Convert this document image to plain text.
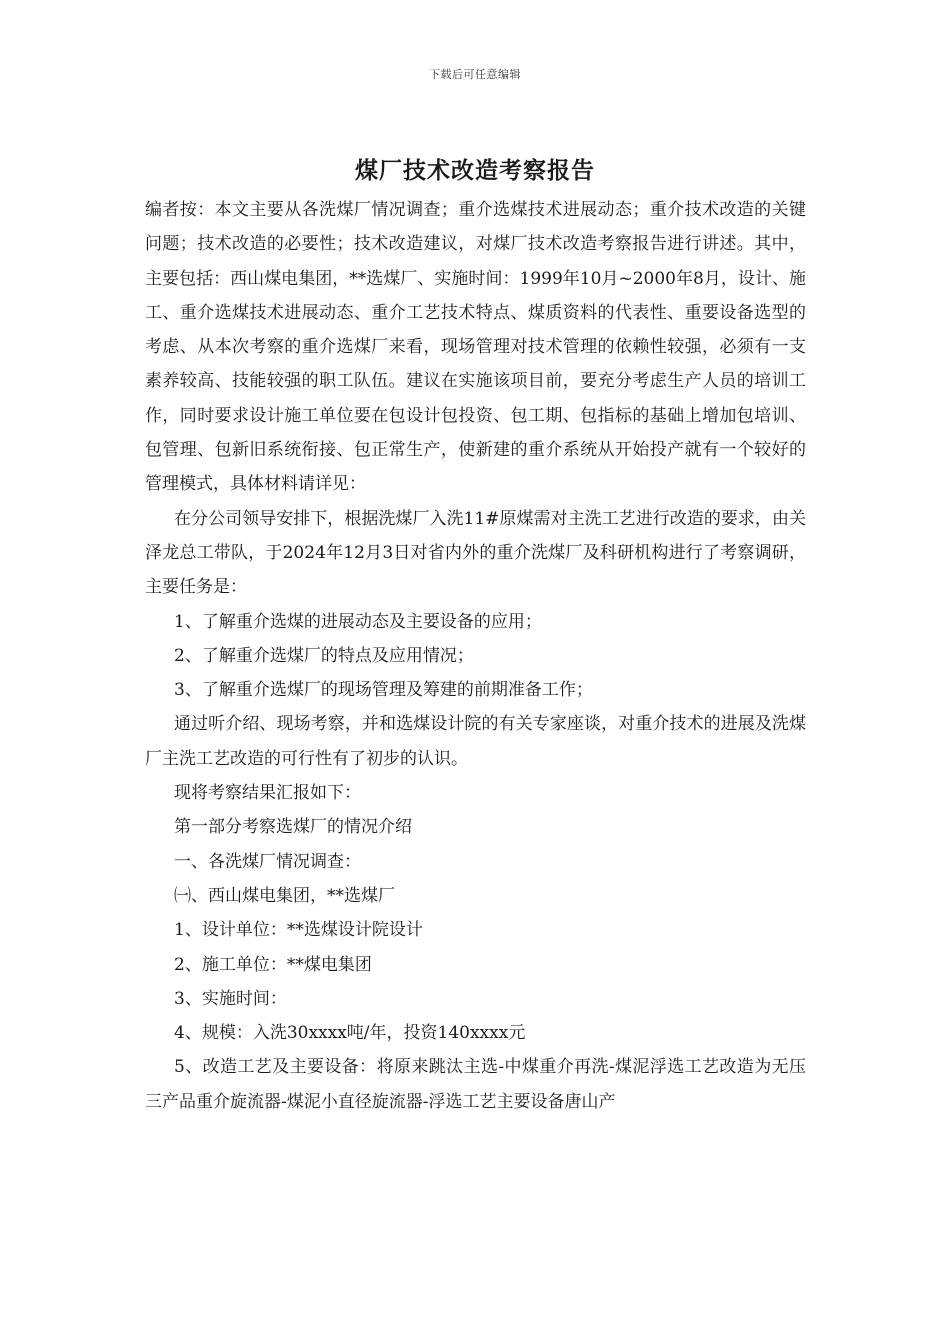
下载后可任意编辑
煤厂技术改造考察报告

编者按：本文主要从各洗煤厂情况调查；重介选煤技术进展动态；重介技术改造的关键问题；技术改造的必要性；技术改造建议，对煤厂技术改造考察报告进行讲述。其中，主要包括：西山煤电集团，**选煤厂、实施时间：1999年10月~2000年8月，设计、施工、重介选煤技术进展动态、重介工艺技术特点、煤质资料的代表性、重要设备选型的考虑、从本次考察的重介选煤厂来看，现场管理对技术管理的依赖性较强，必须有一支素养较高、技能较强的职工队伍。建议在实施该项目前，要充分考虑生产人员的培训工作，同时要求设计施工单位要在包设计包投资、包工期、包指标的基础上增加包培训、包管理、包新旧系统衔接、包正常生产，使新建的重介系统从开始投产就有一个较好的管理模式，具体材料请详见：

在分公司领导安排下，根据洗煤厂入洗11#原煤需对主洗工艺进行改造的要求，由关泽龙总工带队，于2024年12月3日对省内外的重介洗煤厂及科研机构进行了考察调研，主要任务是：

1、了解重介选煤的进展动态及主要设备的应用；

2、了解重介选煤厂的特点及应用情况；

3、了解重介选煤厂的现场管理及筹建的前期准备工作；

通过听介绍、现场考察，并和选煤设计院的有关专家座谈，对重介技术的进展及洗煤厂主洗工艺改造的可行性有了初步的认识。

现将考察结果汇报如下：

第一部分考察选煤厂的情况介绍

一、各洗煤厂情况调查：

㈠、西山煤电集团，**选煤厂

1、设计单位：**选煤设计院设计

2、施工单位：**煤电集团

3、实施时间：

4、规模：入洗30xxxx吨/年，投资140xxxx元

5、改造工艺及主要设备：将原来跳汰主选-中煤重介再洗-煤泥浮选工艺改造为无压三产品重介旋流器-煤泥小直径旋流器-浮选工艺主要设备唐山产
